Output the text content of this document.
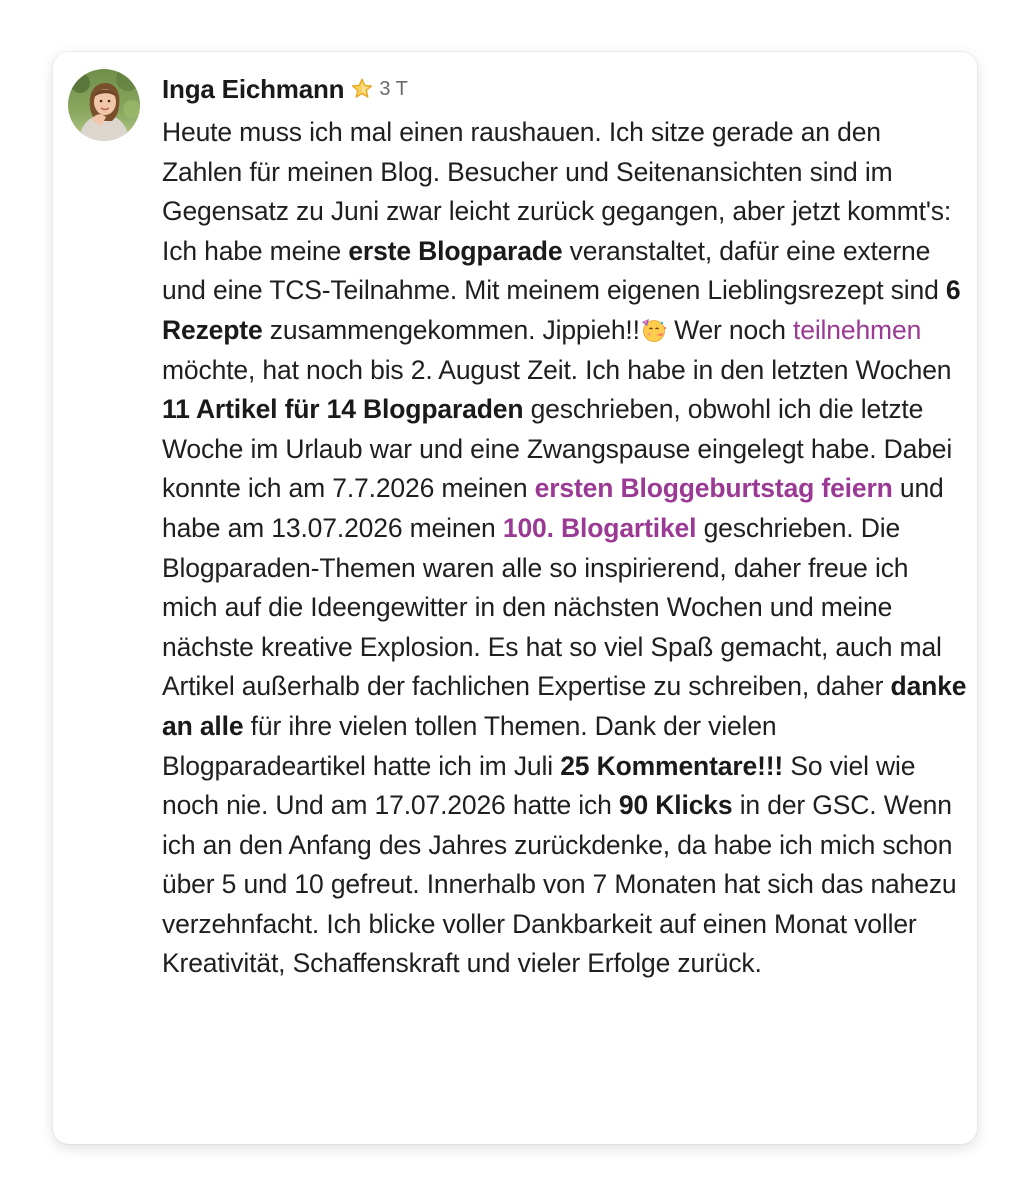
Inga Eichmann 3 T
Heute muss ich mal einen raushauen. Ich sitze gerade an den Zahlen für meinen Blog. Besucher und Seitenansichten sind im Gegensatz zu Juni zwar leicht zurück gegangen, aber jetzt kommt's: Ich habe meine erste Blogparade veranstaltet, dafür eine externe und eine TCS-Teilnahme. Mit meinem eigenen Lieblingsrezept sind 6 Rezepte zusammengekommen. Jippieh!! Wer noch teilnehmen möchte, hat noch bis 2. August Zeit. Ich habe in den letzten Wochen 11 Artikel für 14 Blogparaden geschrieben, obwohl ich die letzte Woche im Urlaub war und eine Zwangspause eingelegt habe. Dabei konnte ich am 7.7.2026 meinen ersten Bloggeburtstag feiern und habe am 13.07.2026 meinen 100. Blogartikel geschrieben. Die Blogparaden-Themen waren alle so inspirierend, daher freue ich mich auf die Ideengewitter in den nächsten Wochen und meine nächste kreative Explosion. Es hat so viel Spaß gemacht, auch mal Artikel außerhalb der fachlichen Expertise zu schreiben, daher danke an alle für ihre vielen tollen Themen. Dank der vielen Blogparadeartikel hatte ich im Juli 25 Kommentare!!! So viel wie noch nie. Und am 17.07.2026 hatte ich 90 Klicks in der GSC. Wenn ich an den Anfang des Jahres zurückdenke, da habe ich mich schon über 5 und 10 gefreut. Innerhalb von 7 Monaten hat sich das nahezu verzehnfacht. Ich blicke voller Dankbarkeit auf einen Monat voller Kreativität, Schaffenskraft und vieler Erfolge zurück.
